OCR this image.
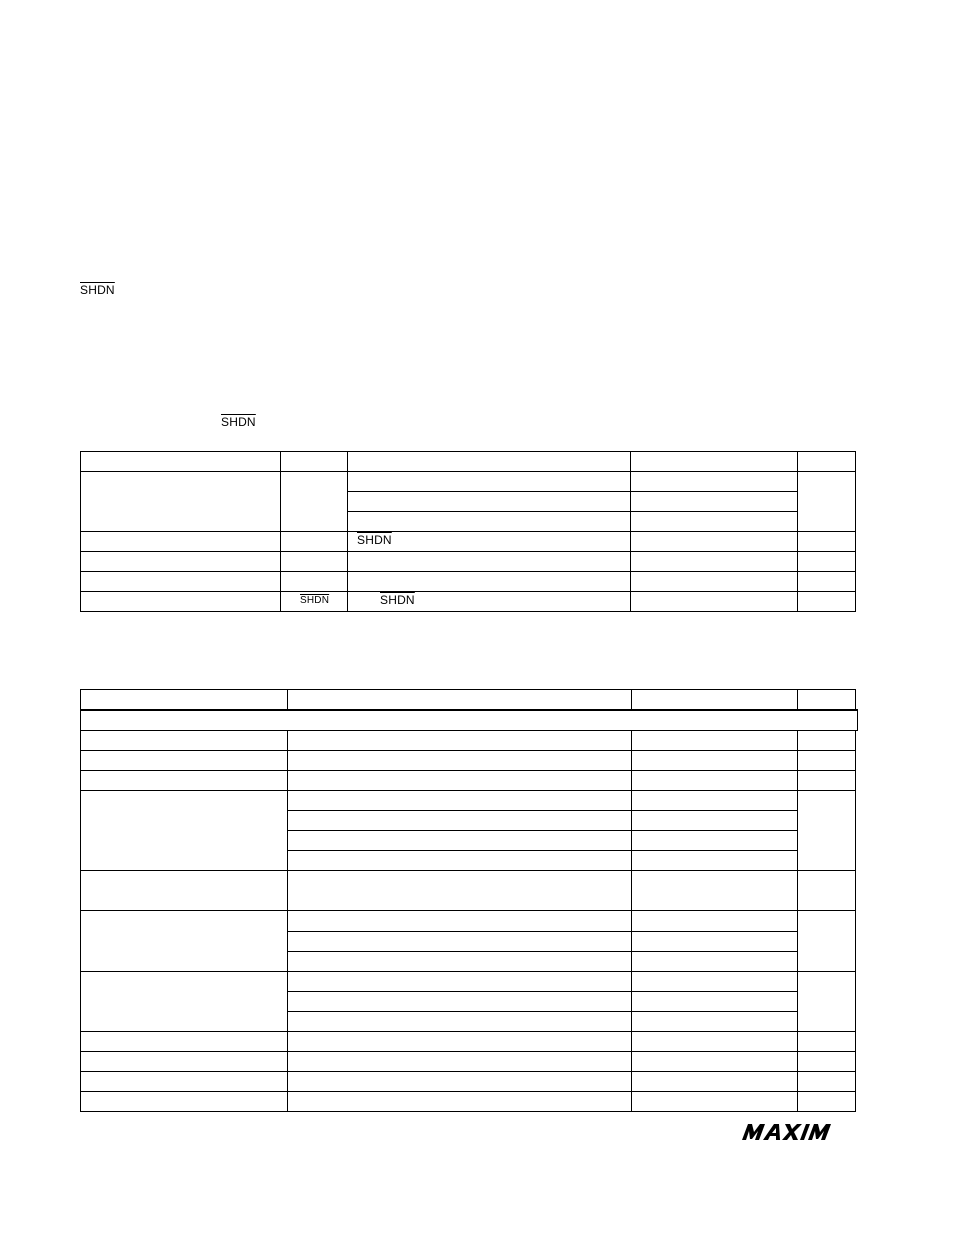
SHDN
SHDN
SHDN
SHDN	SHDN
